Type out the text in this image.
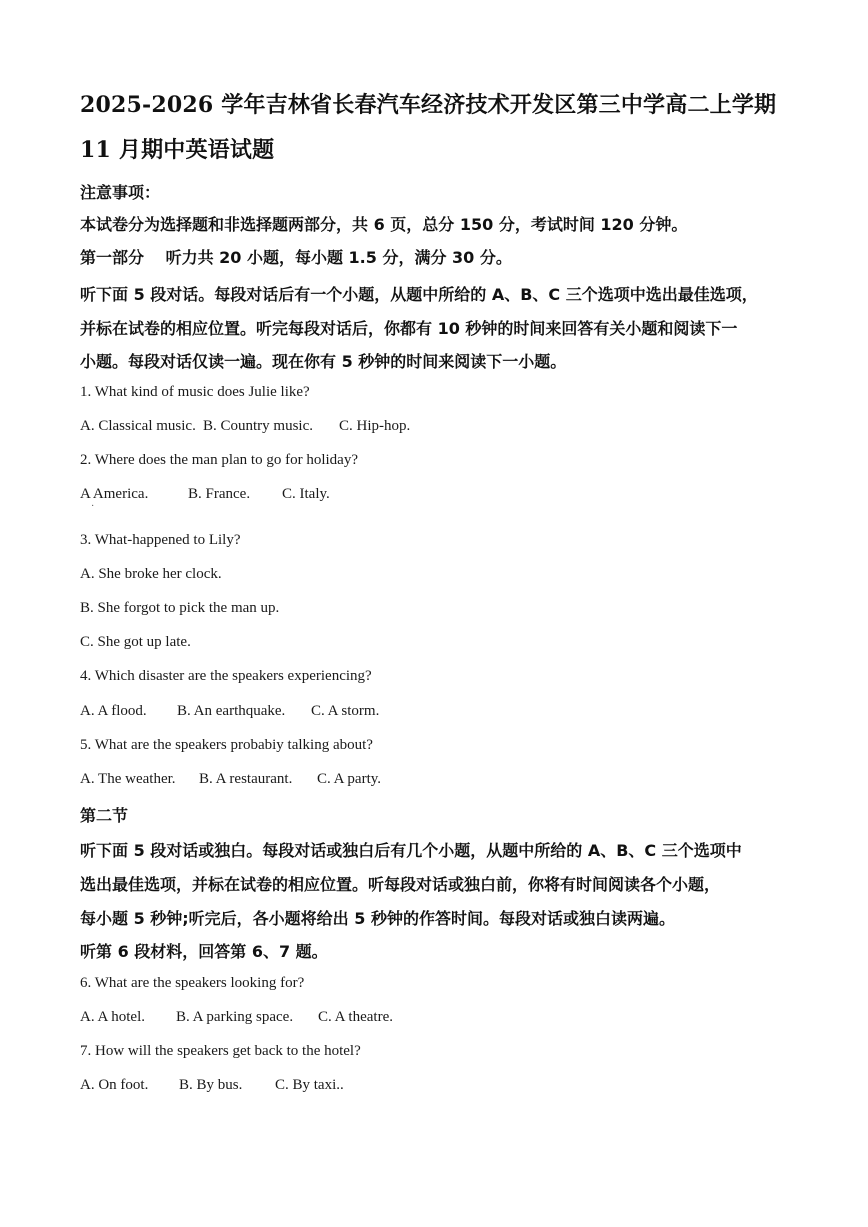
2025-2026 学年吉林省长春汽车经济技术开发区第三中学高二上学期
11 月期中英语试题
注意事项：
本试卷分为选择题和非选择题两部分，共 6 页，总分 150 分，考试时间 120 分钟。
第一部分　 听力共 20 小题，每小题 1.5 分，满分 30 分。
听下面 5 段对话。每段对话后有一个小题，从题中所给的 A、B、C 三个选项中选出最佳选项，
并标在试卷的相应位置。听完每段对话后，你都有 10 秒钟的时间来回答有关小题和阅读下一
小题。每段对话仅读一遍。现在你有 5 秒钟的时间来阅读下一小题。
1. What kind of music does Julie like?
A. Classical music. B. Country music. C. Hip-hop.
2. Where does the man plan to go for holiday?
A America.	B. France. C. Italy.
·
3. What-happened to Lily?
A. She broke her clock.
B. She forgot to pick the man up.
C. She got up late.
4. Which disaster are the speakers experiencing?
A. A flood. B. An earthquake. C. A storm.
5. What are the speakers probabiy talking about?
A. The weather. B. A restaurant. C. A party.
第二节
听下面 5 段对话或独白。每段对话或独白后有几个小题，从题中所给的 A、B、C 三个选项中
选出最佳选项，并标在试卷的相应位置。听每段对话或独白前，你将有时间阅读各个小题，
每小题 5 秒钟;听完后，各小题将给出 5 秒钟的作答时间。每段对话或独白读两遍。
听第 6 段材料，回答第 6、7 题。
6. What are the speakers looking for?
A. A hotel. B. A parking space. C. A theatre.
7. How will the speakers get back to the hotel?
A. On foot. B. By bus. C. By taxi..
